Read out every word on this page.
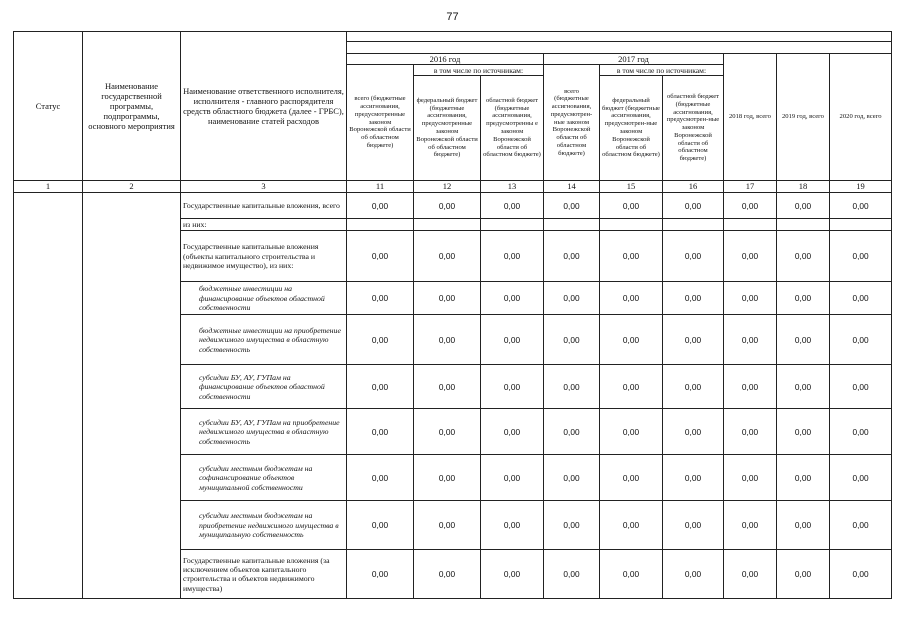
77
Статус	Наименование государственной программы, подпрограммы, основного мероприятия	Наименование ответственного исполнителя, исполнителя - главного распорядителя средств областного бюджета (далее - ГРБС), наименование статей расходов									

			2016 год			2017 год			2018 год, всего	2019 год, всего	2020 год, всего
			всего (бюджетные ассигнования, предусмотренные законом Воронежской области об областном бюджете)	в том числе по источникам:		всего (бюджетные ассигнования, предусмотрен-ные законом Воронежской области об областном бюджете)	в том числе по источникам:				
				федеральный бюджет (бюджетные ассигнования, предусмотренные законом Воронежской области об областном бюджете)	областной бюджет (бюджетные ассигнования, предусмотренны е законом Воронежской области об областном бюджете)		федеральный бюджет (бюджетные ассигнования, предусмотрен-ные законом Воронежской области об областном бюджете)	областной бюджет (бюджетные ассигнования, предусмотрен-ные законом Воронежской области об областном бюджете)			
1	2	3	11	12	13	14	15	16	17	18	19
		Государственные капитальные вложения, всего	0,00	0,00	0,00	0,00	0,00	0,00	0,00	0,00	0,00
		из них:									
		Государственные капитальные вложения (объекты капитального строительства и недвижимое имущество), из них:	0,00	0,00	0,00	0,00	0,00	0,00	0,00	0,00	0,00
		бюджетные инвестиции на финансирование объектов областной собственности	0,00	0,00	0,00	0,00	0,00	0,00	0,00	0,00	0,00
		бюджетные инвестиции на приобретение недвижимого имущества в областную собственность	0,00	0,00	0,00	0,00	0,00	0,00	0,00	0,00	0,00
		субсидии БУ, АУ, ГУПам на финансирование объектов областной собственности	0,00	0,00	0,00	0,00	0,00	0,00	0,00	0,00	0,00
		субсидии БУ, АУ, ГУПам на приобретение недвижимого имущества в областную собственность	0,00	0,00	0,00	0,00	0,00	0,00	0,00	0,00	0,00
		субсидии местным бюджетам на софинансирование объектов муниципальной собственности	0,00	0,00	0,00	0,00	0,00	0,00	0,00	0,00	0,00
		субсидии местным бюджетам на приобретение недвижимого имущества в муниципальную собственность	0,00	0,00	0,00	0,00	0,00	0,00	0,00	0,00	0,00
		Государственные капитальные вложения (за исключением объектов капитального строительства и объектов недвижимого имущества)	0,00	0,00	0,00	0,00	0,00	0,00	0,00	0,00	0,00
